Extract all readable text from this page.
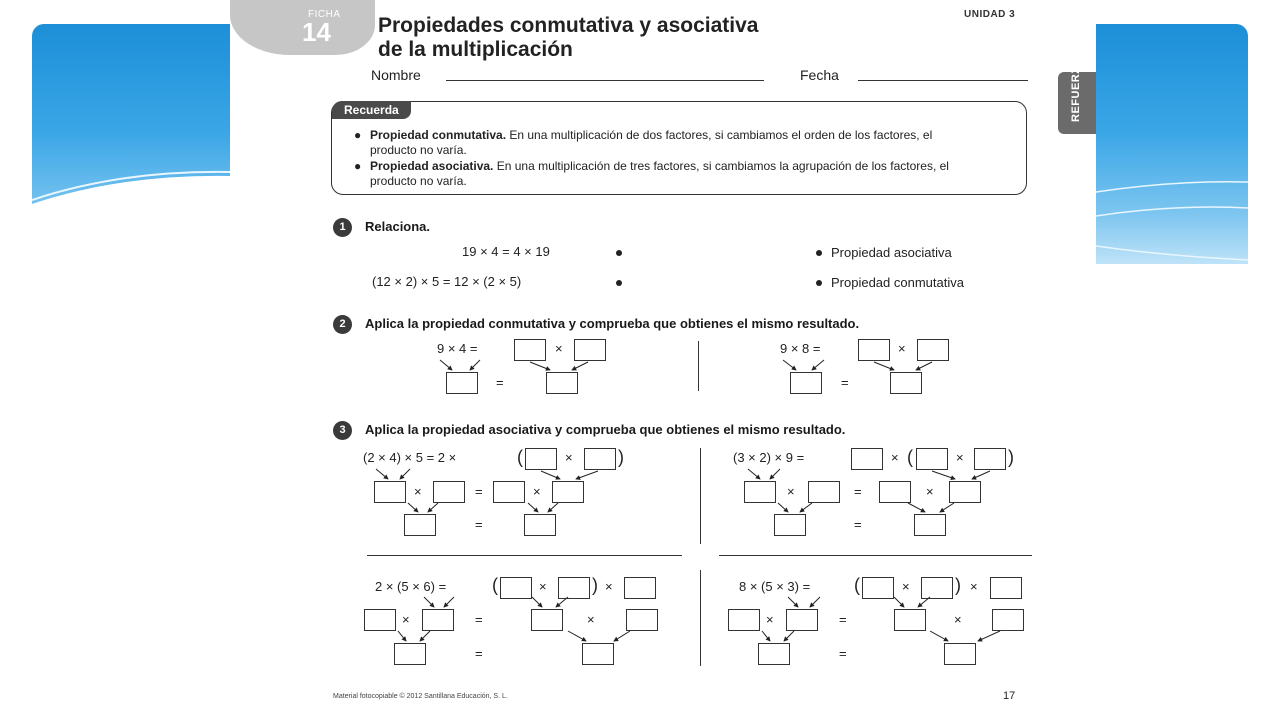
FICHA
14 Propiedades conmutativa y asociativa
de la multiplicación
UNIDAD 3
REFUERZO
Nombre	Fecha
Recuerda
● Propiedad conmutativa. En una multiplicación de dos factores, si cambiamos el orden de los factores, el producto no varía.
● Propiedad asociativa. En una multiplicación de tres factores, si cambiamos la agrupación de los factores, el producto no varía.
1	Relaciona.
19 × 4 = 4 × 19
(12 × 2) × 5 = 12 × (2 × 5)
Propiedad asociativa
Propiedad conmutativa
2	Aplica la propiedad conmutativa y comprueba que obtienes el mismo resultado.
9 × 4 =	×
=
9 × 8 =	×
=
3	Aplica la propiedad asociativa y comprueba que obtienes el mismo resultado.
(2 × 4) × 5 = 2 ×	(	×	)
×	=	×
=
(3 × 2) × 9 =	× (	× )
×	=	×
=
2 × (5 × 6) =	(	×	) ×
×	=	×
=
8 × (5 × 3) = (	×	) ×
×	=	×
=
Material fotocopiable © 2012 Santillana Educación, S. L.	17
